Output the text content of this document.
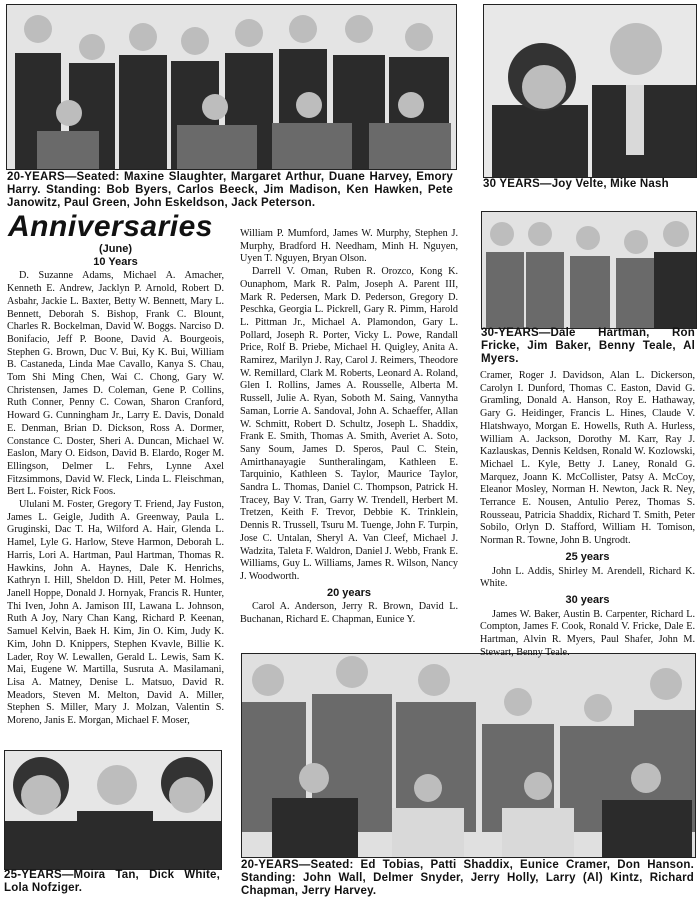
20-YEARS—Seated: Maxine Slaughter, Margaret Arthur, Duane Harvey, Emory Harry. Standing: Bob Byers, Carlos Beeck, Jim Madison, Ken Hawken, Pete Janowitz, Paul Green, John Eskeldson, Jack Peterson.
30 YEARS—Joy Velte, Mike Nash
30-YEARS—Dale Hartman, Ron Fricke, Jim Baker, Benny Teale, Al Myers.
25-YEARS—Moira Tan, Dick White, Lola Nofziger.
20-YEARS—Seated: Ed Tobias, Patti Shaddix, Eunice Cramer, Don Hanson. Standing: John Wall, Delmer Snyder, Jerry Holly, Larry (Al) Kintz, Richard Chapman, Jerry Harvey.
Anniversaries
(June)
10 Years

D. Suzanne Adams, Michael A. Amacher, Kenneth E. Andrew, Jacklyn P. Arnold, Robert D. Asbahr, Jackie L. Baxter, Betty W. Bennett, Mary L. Bennett, Deborah S. Bishop, Frank C. Blount, Charles R. Bockelman, David W. Boggs. Narciso D. Bonifacio, Jeff P. Boone, David A. Bourgeois, Stephen G. Brown, Duc V. Bui, Ky K. Bui, William B. Castaneda, Linda Mae Cavallo, Kanya S. Chau, Tom Shi Ming Chen, Wai C. Chong, Gary W. Christensen, James D. Coleman, Gene P. Collins, Ruth Conner, Penny C. Cowan, Sharon Cranford, Howard G. Cunningham Jr., Larry E. Davis, Donald E. Denman, Brian D. Dickson, Ross A. Dormer, Constance C. Doster, Sheri A. Duncan, Michael W. Easlon, Mary O. Eidson, David B. Elardo, Roger M. Ellingson, Delmer L. Fehrs, Lynne Axel Fitzsimmons, David W. Fleck, Linda L. Fleischman, Bert L. Foister, Rick Foos.

Ululani M. Foster, Gregory T. Friend, Jay Fuston, James L. Geigle, Judith A. Greenway, Paula L. Gruginski, Dac T. Ha, Wilford A. Hair, Glenda L. Hamel, Lyle G. Harlow, Steve Harmon, Deborah L. Harris, Lori A. Hartman, Paul Hartman, Thomas R. Hawkins, John A. Haynes, Dale K. Henrichs, Kathryn I. Hill, Sheldon D. Hill, Peter M. Holmes, Janell Hoppe, Donald J. Hornyak, Francis R. Hunter, Thi Iven, John A. Jamison III, Lawana L. Johnson, Ruth A Joy, Nary Chan Kang, Richard P. Keenan, Samuel Kelvin, Baek H. Kim, Jin O. Kim, Judy K. Kim, John D. Knippers, Stephen Kvavle, Billie K. Lader, Roy W. Lewallen, Gerald L. Lewis, Sam K. Mai, Eugene W. Martilla, Susruta A. Masilamani, Lisa A. Matney, Denise L. Matsuo, David R. Meadors, Steven M. Melton, David A. Miller, Stephen S. Miller, Mary J. Molzan, Valentin S. Moreno, Janis E. Morgan, Michael F. Moser,

William P. Mumford, James W. Murphy, Stephen J. Murphy, Bradford H. Needham, Minh H. Nguyen, Uyen T. Nguyen, Bryan Olson.

Darrell V. Oman, Ruben R. Orozco, Kong K. Ounaphom, Mark R. Palm, Joseph A. Parent III, Mark R. Pedersen, Mark D. Pederson, Gregory D. Peschka, Georgia L. Pickrell, Gary R. Pimm, Harold L. Pittman Jr., Michael A. Plamondon, Gary L. Pollard, Joseph R. Porter, Vicky L. Powe, Randall Price, Rolf B. Priebe, Michael H. Quigley, Anita A. Ramirez, Marilyn J. Ray, Carol J. Reimers, Theodore W. Remillard, Clark M. Roberts, Leonard A. Roland, Glen I. Rollins, James A. Rousselle, Alberta M. Russell, Julie A. Ryan, Soboth M. Saing, Vannytha Saman, Lorrie A. Sandoval, John A. Schaeffer, Allan W. Schmitt, Robert D. Schultz, Joseph L. Shaddix, Frank E. Smith, Thomas A. Smith, Averiet A. Soto, Sany Soum, James D. Speros, Paul C. Stein, Amirthanayagie Suntheralingam, Kathleen E. Tarquinio, Kathleen S. Taylor, Maurice Taylor, Sandra L. Thomas, Daniel C. Thompson, Patrick H. Tracey, Bay V. Tran, Garry W. Trendell, Herbert M. Tretzen, Keith F. Trevor, Debbie K. Trinklein, Dennis R. Trussell, Tsuru M. Tuenge, John F. Turpin, Jose C. Untalan, Sheryl A. Van Cleef, Michael J. Wadzita, Taleta F. Waldron, Daniel J. Webb, Frank E. Williams, Guy L. Williams, James R. Wilson, Nancy J. Woodworth.

20 years

Carol A. Anderson, Jerry R. Brown, David L. Buchanan, Richard E. Chapman, Eunice Y.

Cramer, Roger J. Davidson, Alan L. Dickerson, Carolyn I. Dunford, Thomas C. Easton, David G. Gramling, Donald A. Hanson, Roy E. Hathaway, Gary G. Heidinger, Francis L. Hines, Claude V. Hlatshwayo, Morgan E. Howells, Ruth A. Hurless, William A. Jackson, Dorothy M. Karr, Ray J. Kazlauskas, Dennis Keldsen, Ronald W. Kozlowski, Michael L. Kyle, Betty J. Laney, Ronald G. Marquez, Joann K. McCollister, Patsy A. McCoy, Eleanor Mosley, Norman H. Newton, Jack R. Ney, Terrance E. Nousen, Antulio Perez, Thomas S. Rousseau, Patricia Shaddix, Richard T. Smith, Peter Sobilo, Orlyn D. Stafford, William H. Tomison, Norman R. Towne, John B. Ungrodt.

25 years

John L. Addis, Shirley M. Arendell, Richard K. White.

30 years

James W. Baker, Austin B. Carpenter, Richard L. Compton, James F. Cook, Ronald V. Fricke, Dale E. Hartman, Alvin R. Myers, Paul Shafer, John M. Stewart, Benny Teale.
